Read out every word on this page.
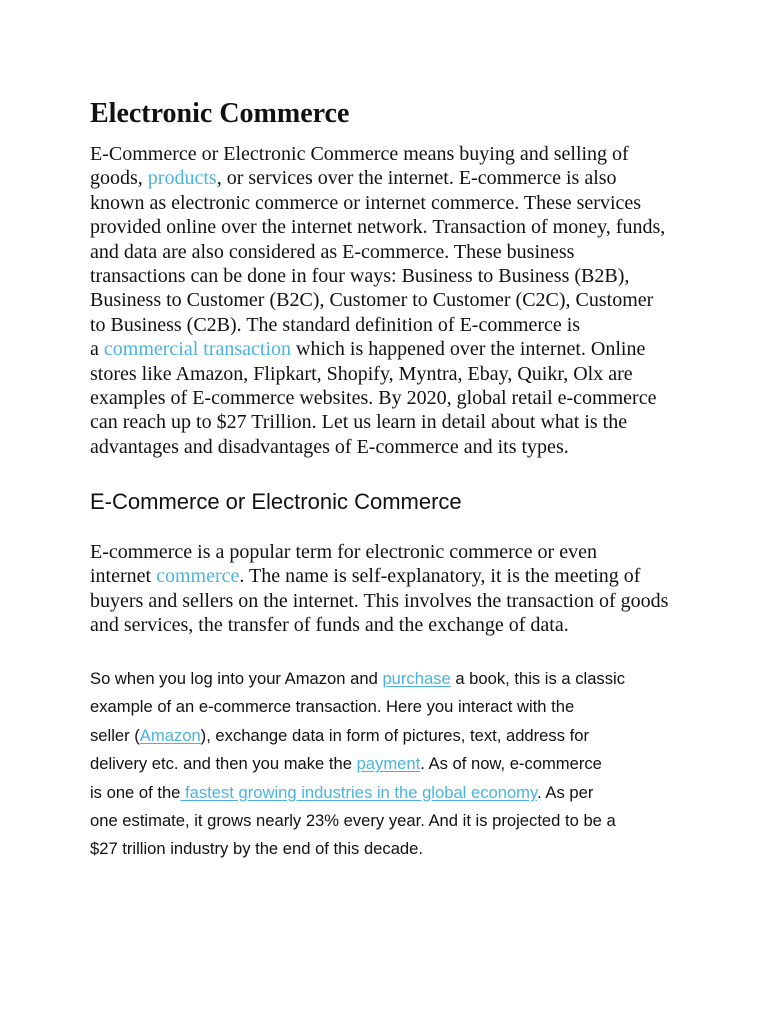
Electronic Commerce

E-Commerce or Electronic Commerce means buying and selling of
goods, products, or services over the internet. E-commerce is also
known as electronic commerce or internet commerce. These services
provided online over the internet network. Transaction of money, funds,
and data are also considered as E-commerce. These business
transactions can be done in four ways: Business to Business (B2B),
Business to Customer (B2C), Customer to Customer (C2C), Customer
to Business (C2B). The standard definition of E-commerce is
a commercial transaction which is happened over the internet. Online
stores like Amazon, Flipkart, Shopify, Myntra, Ebay, Quikr, Olx are
examples of E-commerce websites. By 2020, global retail e-commerce
can reach up to $27 Trillion. Let us learn in detail about what is the
advantages and disadvantages of E-commerce and its types.

E-Commerce or Electronic Commerce

E-commerce is a popular term for electronic commerce or even
internet commerce. The name is self-explanatory, it is the meeting of
buyers and sellers on the internet. This involves the transaction of goods
and services, the transfer of funds and the exchange of data.

So when you log into your Amazon and purchase a book, this is a classic
example of an e-commerce transaction. Here you interact with the
seller (Amazon), exchange data in form of pictures, text, address for
delivery etc. and then you make the payment. As of now, e-commerce
is one of the fastest growing industries in the global economy. As per
one estimate, it grows nearly 23% every year. And it is projected to be a
$27 trillion industry by the end of this decade.
